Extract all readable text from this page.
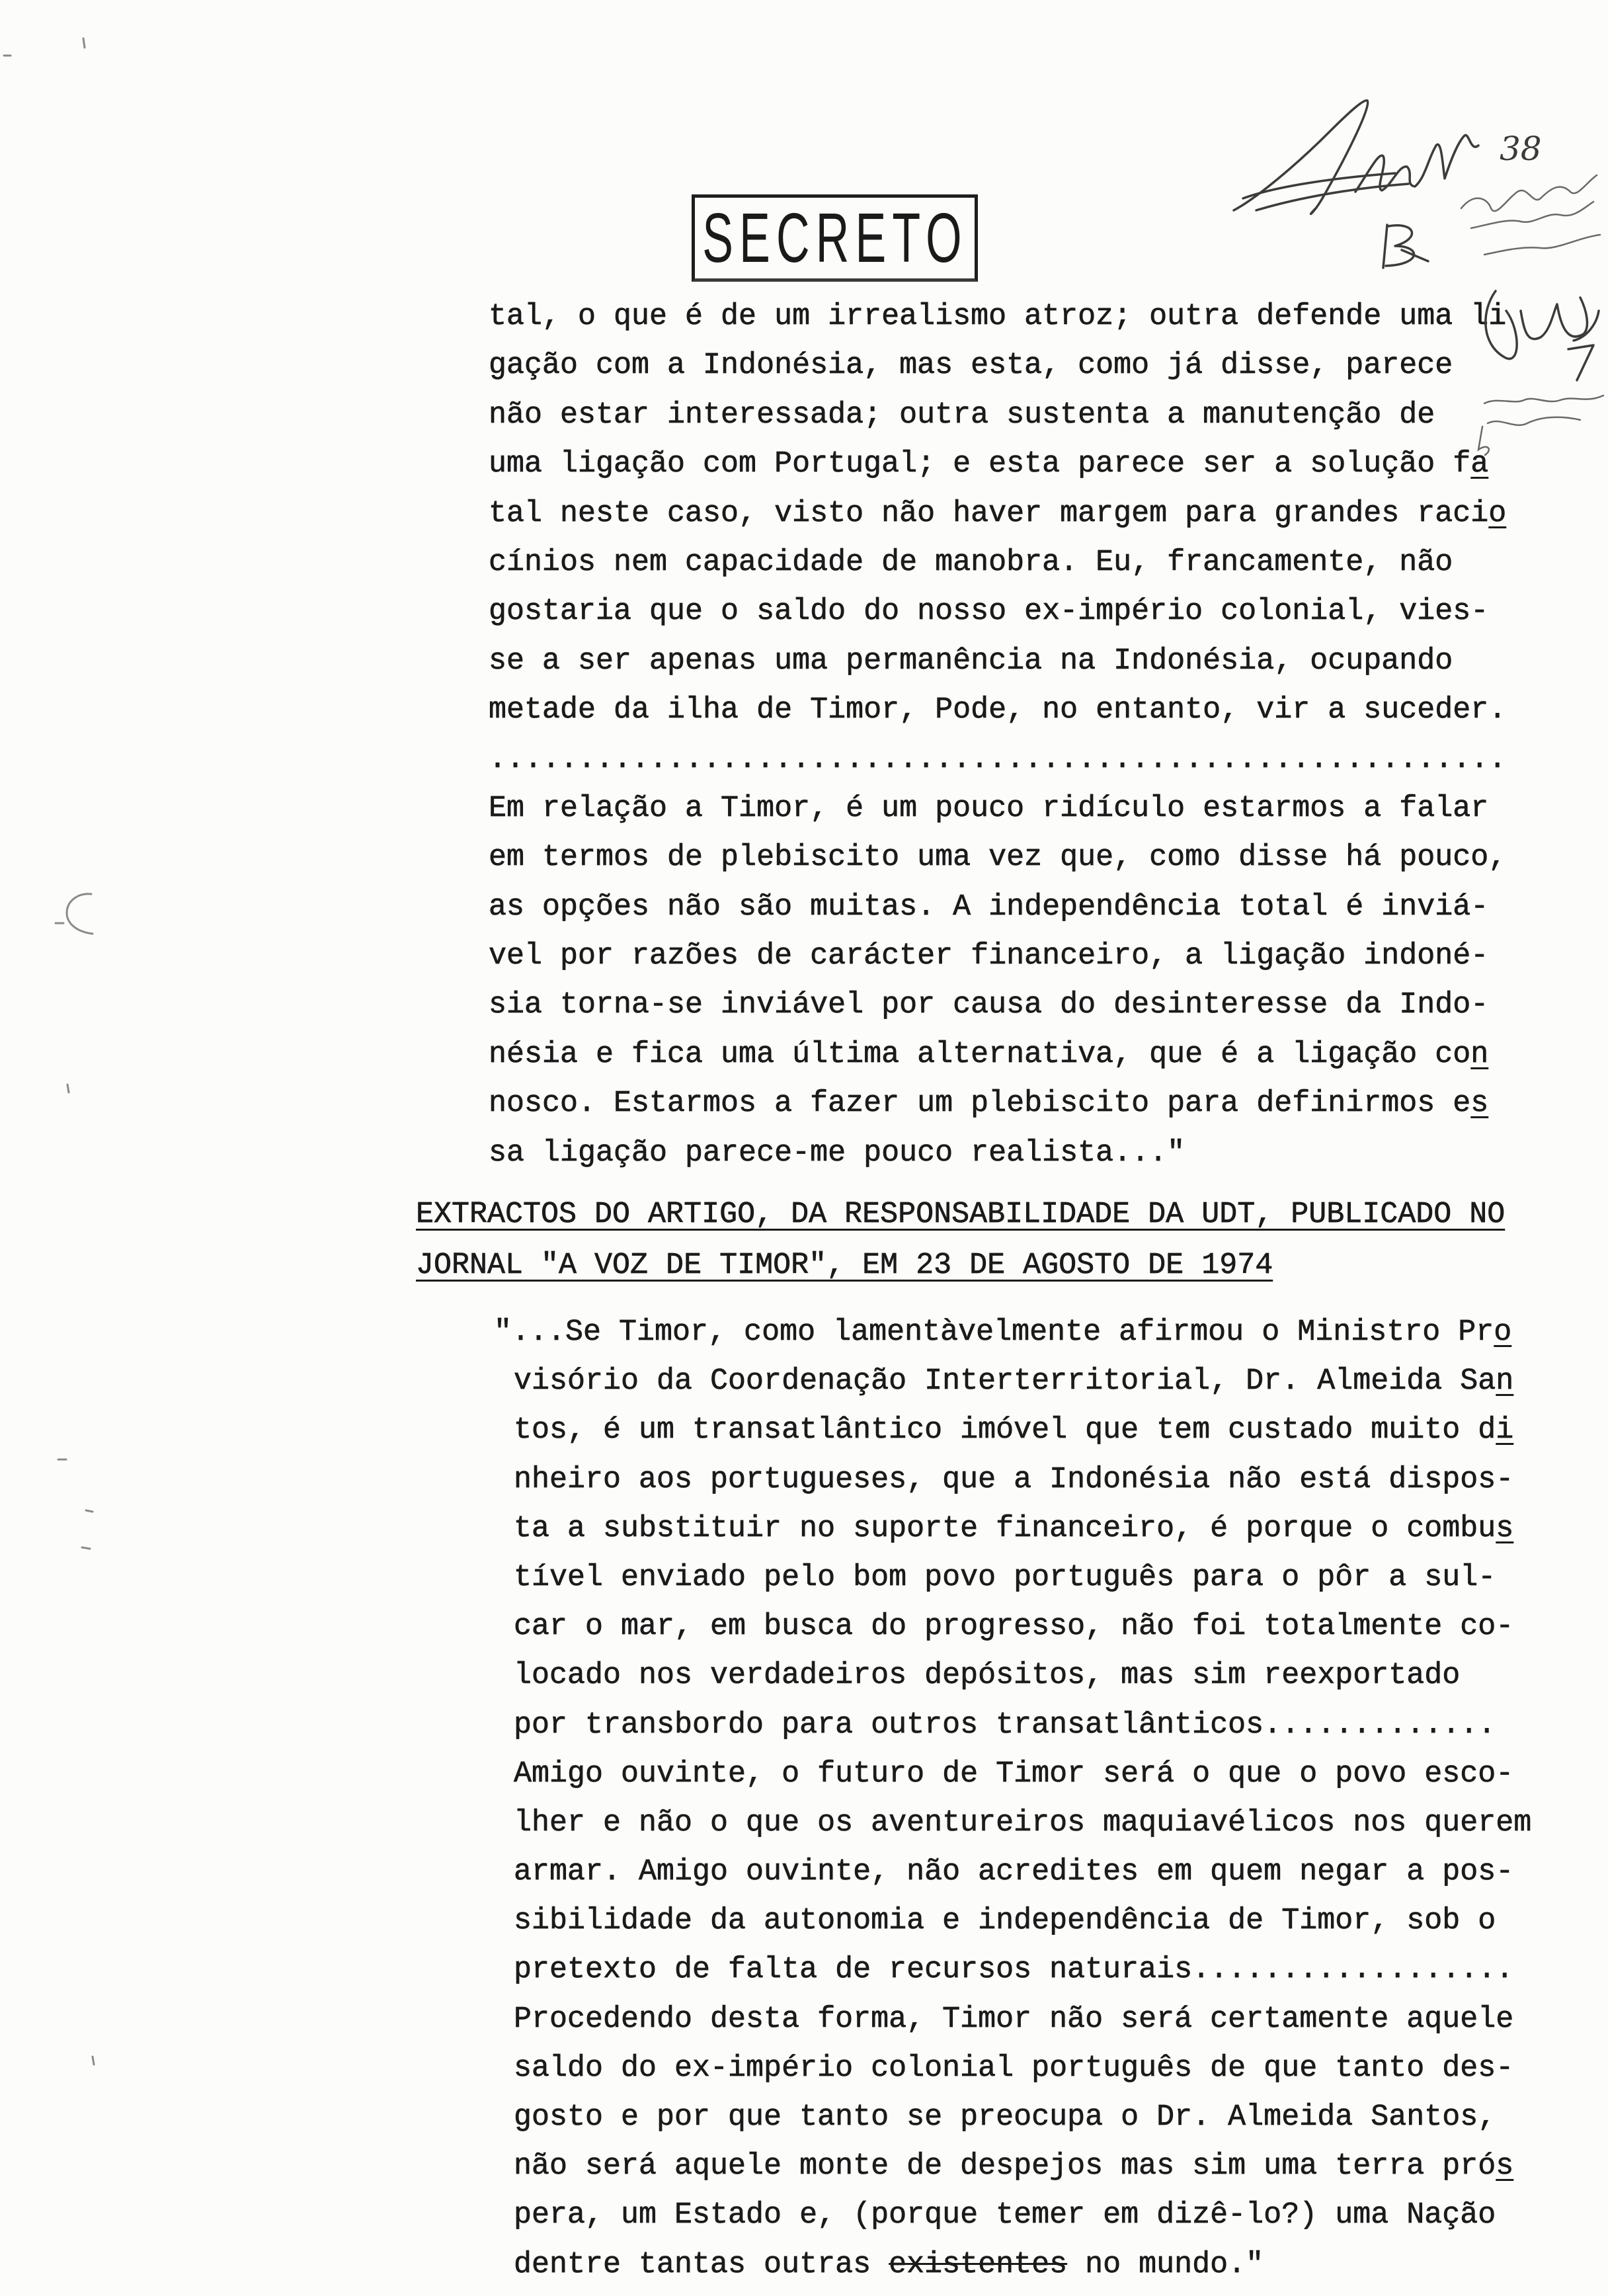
SECRETO
38
tal, o que é de um irrealismo atroz; outra defende uma li
gação com a Indonésia, mas esta, como já disse, parece
não estar interessada; outra sustenta a manutenção de
uma ligação com Portugal; e esta parece ser a solução fa
tal neste caso, visto não haver margem para grandes racio
cínios nem capacidade de manobra. Eu, francamente, não
gostaria que o saldo do nosso ex-império colonial, vies-
se a ser apenas uma permanência na Indonésia, ocupando
metade da ilha de Timor, Pode, no entanto, vir a suceder.
.........................................................
Em relação a Timor, é um pouco ridículo estarmos a falar
em termos de plebiscito uma vez que, como disse há pouco,
as opções não são muitas. A independência total é inviá-
vel por razões de carácter financeiro, a ligação indoné-
sia torna-se inviável por causa do desinteresse da Indo-
nésia e fica uma última alternativa, que é a ligação con
nosco. Estarmos a fazer um plebiscito para definirmos es
sa ligação parece-me pouco realista..."
EXTRACTOS DO ARTIGO, DA RESPONSABILIDADE DA UDT, PUBLICADO NO
JORNAL "A VOZ DE TIMOR", EM 23 DE AGOSTO DE 1974
"...Se Timor, como lamentàvelmente afirmou o Ministro Pro
visório da Coordenação Interterritorial, Dr. Almeida San
tos, é um transatlântico imóvel que tem custado muito di
nheiro aos portugueses, que a Indonésia não está dispos-
ta a substituir no suporte financeiro, é porque o combus
tível enviado pelo bom povo português para o pôr a sul-
car o mar, em busca do progresso, não foi totalmente co-
locado nos verdadeiros depósitos, mas sim reexportado
por transbordo para outros transatlânticos.............
Amigo ouvinte, o futuro de Timor será o que o povo esco-
lher e não o que os aventureiros maquiavélicos nos querem
armar. Amigo ouvinte, não acredites em quem negar a pos-
sibilidade da autonomia e independência de Timor, sob o
pretexto de falta de recursos naturais..................
Procedendo desta forma, Timor não será certamente aquele
saldo do ex-império colonial português de que tanto des-
gosto e por que tanto se preocupa o Dr. Almeida Santos,
não será aquele monte de despejos mas sim uma terra prós
pera, um Estado e, (porque temer em dizê-lo?) uma Nação
dentre tantas outras existentes no mundo."
